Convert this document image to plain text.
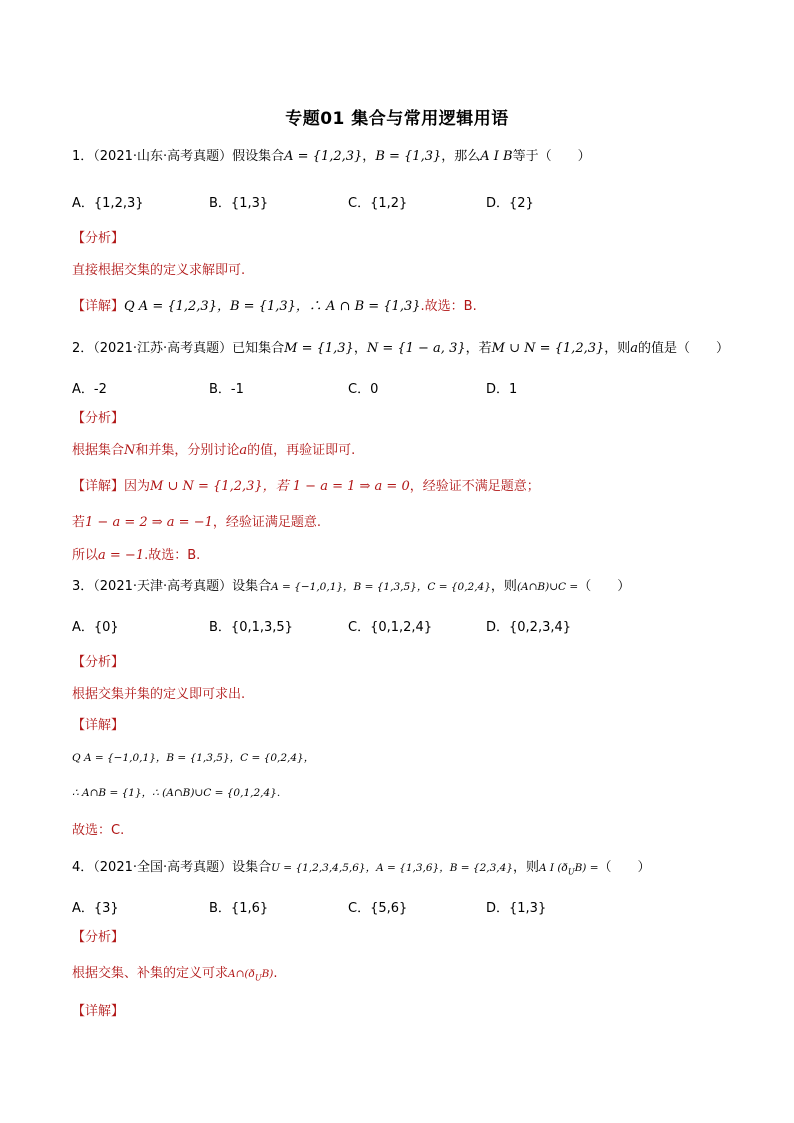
专题01 集合与常用逻辑用语
1．（2021·山东·高考真题）假设集合A = {1,2,3}，B = {1,3}，那么A I B等于（　　）
A．{1,2,3}	B．{1,3}	C．{1,2}	D．{2}
【分析】
直接根据交集的定义求解即可.
【详解】Q A = {1,2,3}，B = {1,3}，∴ A ∩ B = {1,3}.故选：B.
2．（2021·江苏·高考真题）已知集合M = {1,3}，N = {1 − a, 3}，若M ∪ N = {1,2,3}，则a的值是（　　）
A．-2	B．-1	C．0	D．1
【分析】
根据集合N和并集，分别讨论a的值，再验证即可.
【详解】因为M ∪ N = {1,2,3}，若 1 − a = 1 ⇒ a = 0，经验证不满足题意；
若1 − a = 2 ⇒ a = −1，经验证满足题意.
所以a = −1.故选：B.
3．（2021·天津·高考真题）设集合A = {−1,0,1}，B = {1,3,5}，C = {0,2,4}，则(A∩B)∪C =（　　）
A．{0}	B．{0,1,3,5}	C．{0,1,2,4}	D．{0,2,3,4}
【分析】
根据交集并集的定义即可求出.
【详解】
Q A = {−1,0,1}，B = {1,3,5}，C = {0,2,4}，
∴ A∩B = {1}，∴ (A∩B)∪C = {0,1,2,4}.
故选：C.
4．（2021·全国·高考真题）设集合U = {1,2,3,4,5,6}，A = {1,3,6}，B = {2,3,4}，则A I $(ð_UB)$ =（　　）
A．{3}	B．{1,6}	C．{5,6}	D．{1,3}
【分析】
根据交集、补集的定义可求$A\cap(ð_UB)$.
【详解】
